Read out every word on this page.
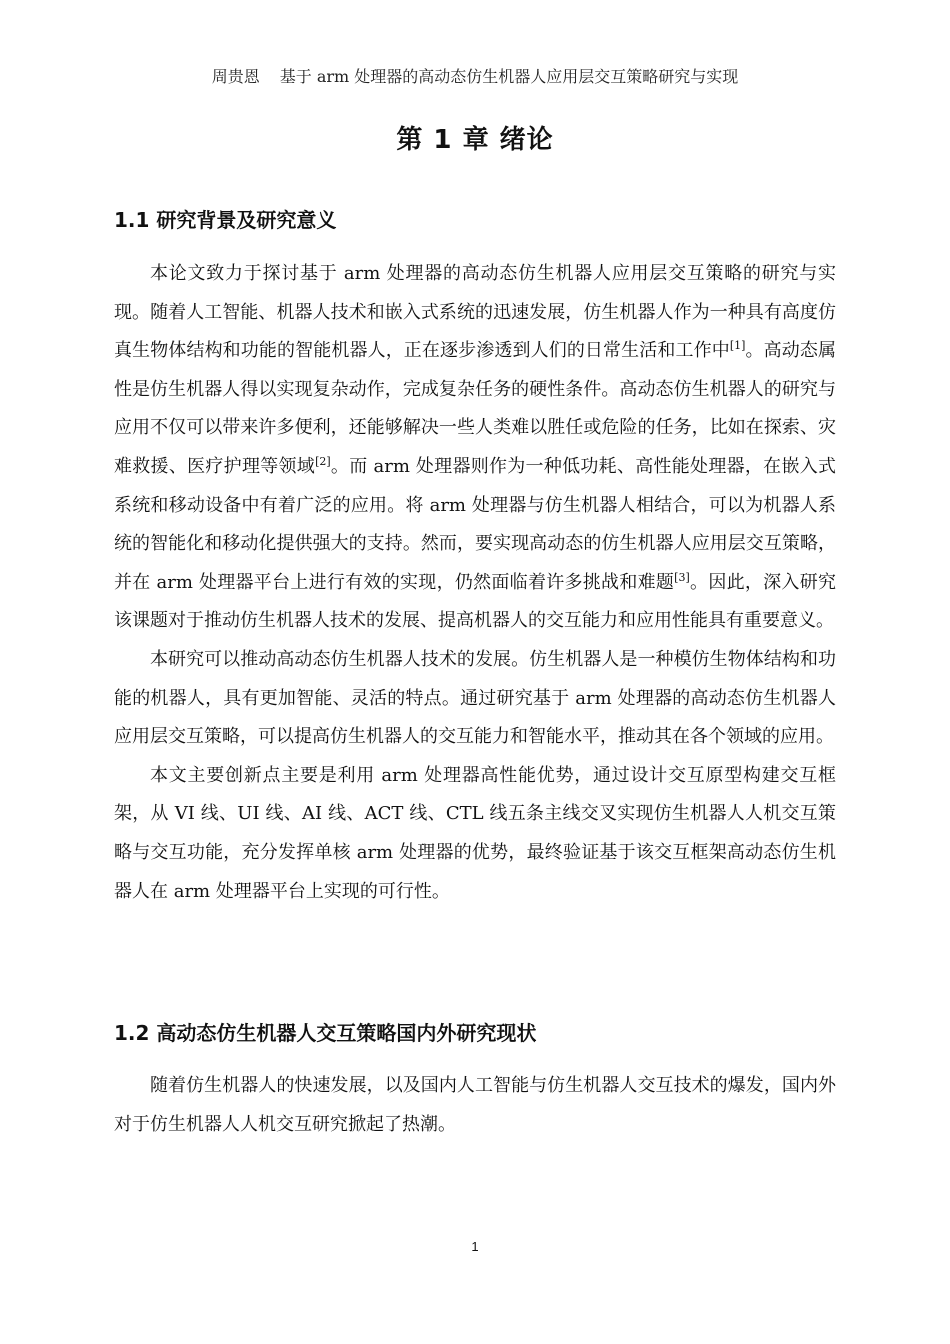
周贵恩 基于 arm 处理器的高动态仿生机器人应用层交互策略研究与实现
第 1 章 绪论
1.1 研究背景及研究意义

本论文致力于探讨基于 arm 处理器的高动态仿生机器人应用层交互策略的研究与实现。随着人工智能、机器人技术和嵌入式系统的迅速发展，仿生机器人作为一种具有高度仿真生物体结构和功能的智能机器人，正在逐步渗透到人们的日常生活和工作中[1]。高动态属性是仿生机器人得以实现复杂动作，完成复杂任务的硬性条件。高动态仿生机器人的研究与应用不仅可以带来许多便利，还能够解决一些人类难以胜任或危险的任务，比如在探索、灾难救援、医疗护理等领域[2]。而 arm 处理器则作为一种低功耗、高性能处理器，在嵌入式系统和移动设备中有着广泛的应用。将 arm 处理器与仿生机器人相结合，可以为机器人系统的智能化和移动化提供强大的支持。然而，要实现高动态的仿生机器人应用层交互策略，并在 arm 处理器平台上进行有效的实现，仍然面临着许多挑战和难题[3]。因此，深入研究该课题对于推动仿生机器人技术的发展、提高机器人的交互能力和应用性能具有重要意义。

本研究可以推动高动态仿生机器人技术的发展。仿生机器人是一种模仿生物体结构和功能的机器人，具有更加智能、灵活的特点。通过研究基于 arm 处理器的高动态仿生机器人应用层交互策略，可以提高仿生机器人的交互能力和智能水平，推动其在各个领域的应用。

本文主要创新点主要是利用 arm 处理器高性能优势，通过设计交互原型构建交互框架，从 VI 线、UI 线、AI 线、ACT 线、CTL 线五条主线交叉实现仿生机器人人机交互策略与交互功能，充分发挥单核 arm 处理器的优势，最终验证基于该交互框架高动态仿生机器人在 arm 处理器平台上实现的可行性。

1.2 高动态仿生机器人交互策略国内外研究现状

随着仿生机器人的快速发展，以及国内人工智能与仿生机器人交互技术的爆发，国内外对于仿生机器人人机交互研究掀起了热潮。

1
